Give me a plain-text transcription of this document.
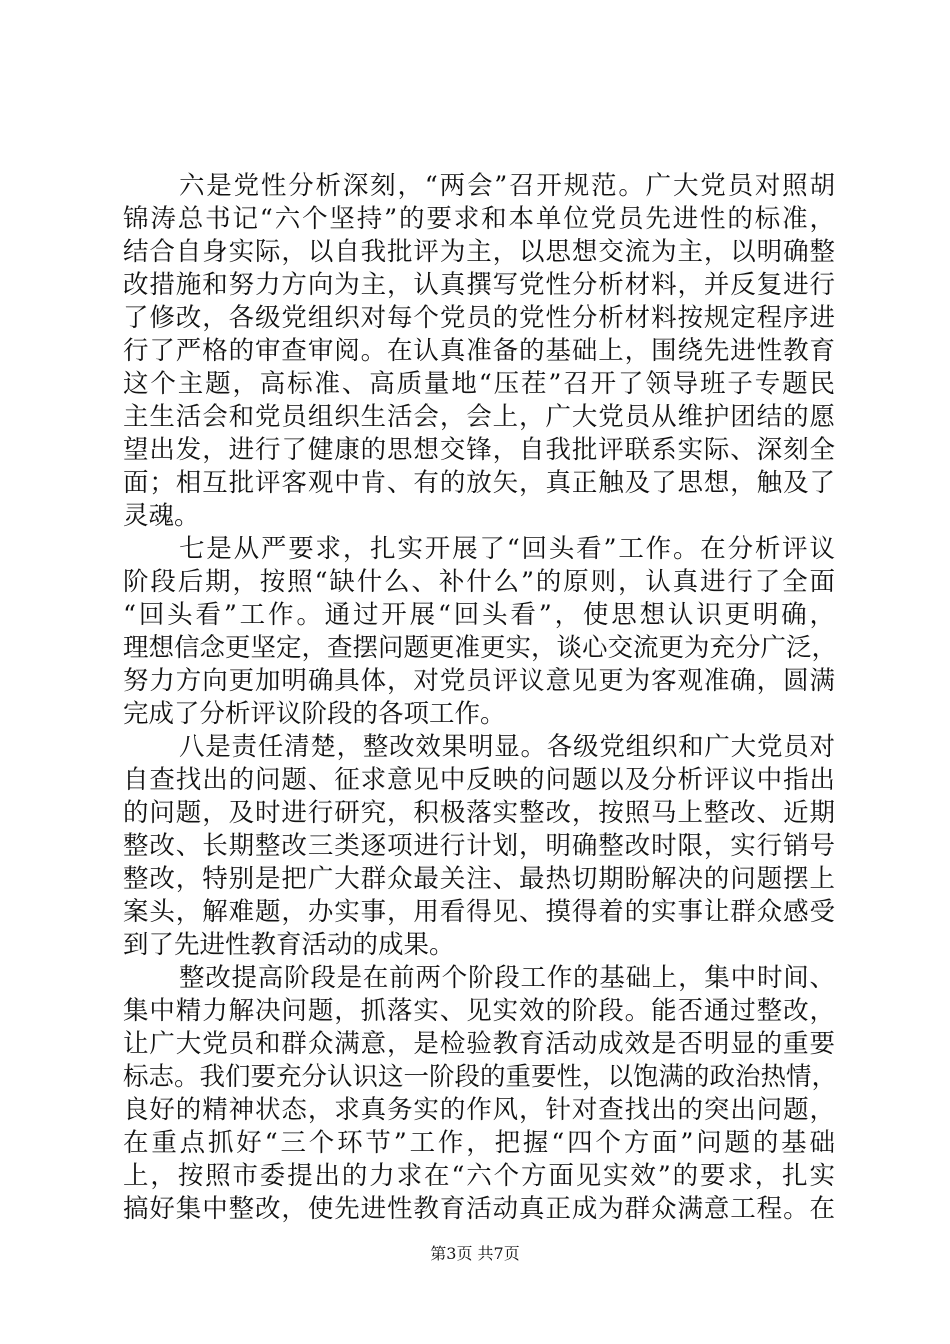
六是党性分析深刻，“两会”召开规范。广大党员对照胡
锦涛总书记“六个坚持”的要求和本单位党员先进性的标准，
结合自身实际，以自我批评为主，以思想交流为主，以明确整
改措施和努力方向为主，认真撰写党性分析材料，并反复进行
了修改，各级党组织对每个党员的党性分析材料按规定程序进
行了严格的审查审阅。在认真准备的基础上，围绕先进性教育
这个主题，高标准、高质量地“压茬”召开了领导班子专题民
主生活会和党员组织生活会，会上，广大党员从维护团结的愿
望出发，进行了健康的思想交锋，自我批评联系实际、深刻全
面；相互批评客观中肯、有的放矢，真正触及了思想，触及了
灵魂。
七是从严要求，扎实开展了“回头看”工作。在分析评议
阶段后期，按照“缺什么、补什么”的原则，认真进行了全面
“回头看”工作。通过开展“回头看”，使思想认识更明确，
理想信念更坚定，查摆问题更准更实，谈心交流更为充分广泛，
努力方向更加明确具体，对党员评议意见更为客观准确，圆满
完成了分析评议阶段的各项工作。
八是责任清楚，整改效果明显。各级党组织和广大党员对
自查找出的问题、征求意见中反映的问题以及分析评议中指出
的问题，及时进行研究，积极落实整改，按照马上整改、近期
整改、长期整改三类逐项进行计划，明确整改时限，实行销号
整改，特别是把广大群众最关注、最热切期盼解决的问题摆上
案头，解难题，办实事，用看得见、摸得着的实事让群众感受
到了先进性教育活动的成果。
整改提高阶段是在前两个阶段工作的基础上，集中时间、
集中精力解决问题，抓落实、见实效的阶段。能否通过整改，
让广大党员和群众满意，是检验教育活动成效是否明显的重要
标志。我们要充分认识这一阶段的重要性，以饱满的政治热情，
良好的精神状态，求真务实的作风，针对查找出的突出问题，
在重点抓好“三个环节”工作，把握“四个方面”问题的基础
上，按照市委提出的力求在“六个方面见实效”的要求，扎实
搞好集中整改，使先进性教育活动真正成为群众满意工程。在
第3页 共7页
